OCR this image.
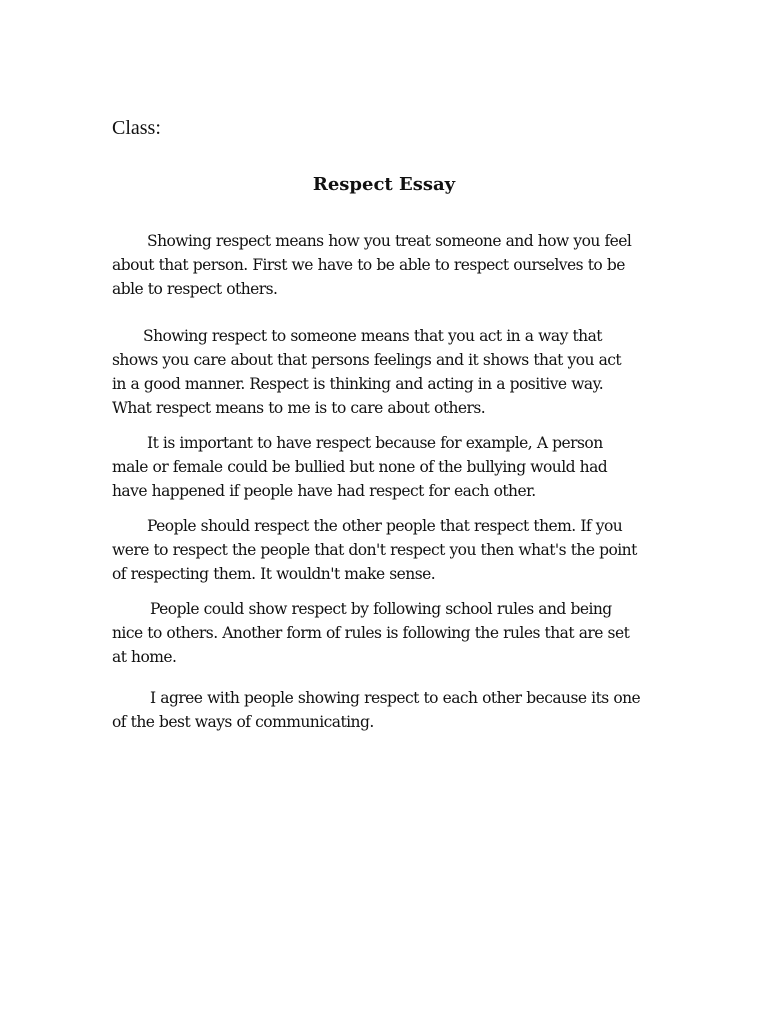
Class:
Respect Essay

Showing respect means how you treat someone and how you feel
about that person. First we have to be able to respect ourselves to be
able to respect others.

Showing respect to someone means that you act in a way that
shows you care about that persons feelings and it shows that you act
in a good manner. Respect is thinking and acting in a positive way.
What respect means to me is to care about others.

It is important to have respect because for example, A person
male or female could be bullied but none of the bullying would had
have happened if people have had respect for each other.

People should respect the other people that respect them. If you
were to respect the people that don't respect you then what's the point
of respecting them. It wouldn't make sense.

People could show respect by following school rules and being
nice to others. Another form of rules is following the rules that are set
at home.

I agree with people showing respect to each other because its one
of the best ways of communicating.
